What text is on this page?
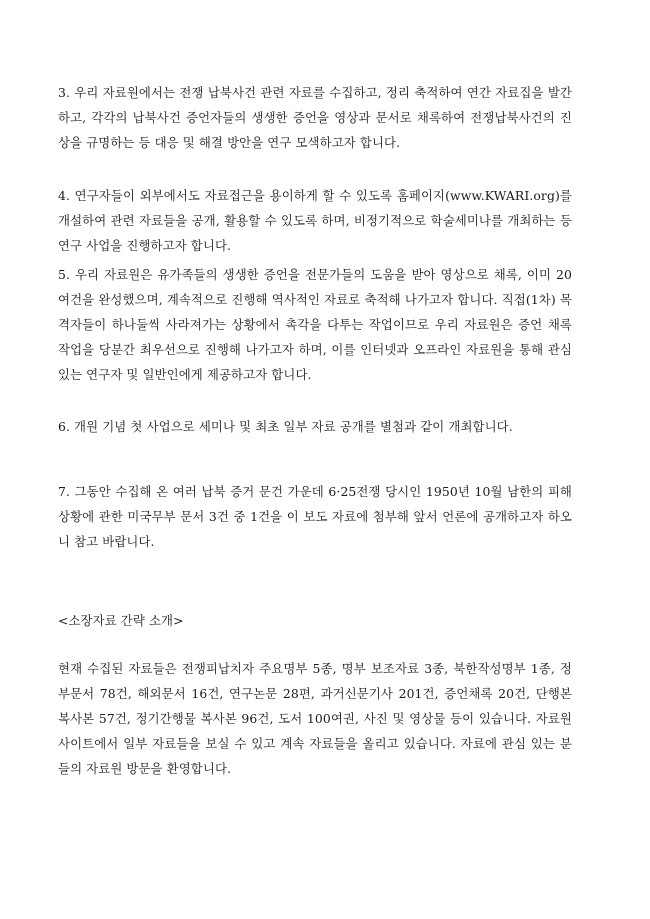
3. 우리 자료원에서는 전쟁 납북사건 관련 자료를 수집하고, 정리 축적하여 연간 자료집을 발간하고, 각각의 납북사건 증언자들의 생생한 증언을 영상과 문서로 채록하여 전쟁납북사건의 진상을 규명하는 등 대응 및 해결 방안을 연구 모색하고자 합니다.

4. 연구자들이 외부에서도 자료접근을 용이하게 할 수 있도록 홈페이지(www.KWARI.org)를 개설하여 관련 자료들을 공개, 활용할 수 있도록 하며, 비정기적으로 학술세미나를 개최하는 등 연구 사업을 진행하고자 합니다.

5. 우리 자료원은 유가족들의 생생한 증언을 전문가들의 도움을 받아 영상으로 채록, 이미 20여건을 완성했으며, 계속적으로 진행해 역사적인 자료로 축적해 나가고자 합니다. 직접(1차) 목격자들이 하나둘씩 사라져가는 상황에서 촉각을 다투는 작업이므로 우리 자료원은 증언 채록 작업을 당분간 최우선으로 진행해 나가고자 하며, 이를 인터넷과 오프라인 자료원을 통해 관심 있는 연구자 및 일반인에게 제공하고자 합니다.

6. 개원 기념 첫 사업으로 세미나 및 최초 일부 자료 공개를 별첨과 같이 개최합니다.

7. 그동안 수집해 온 여러 납북 증거 문건 가운데 6·25전쟁 당시인 1950년 10월 남한의 피해 상황에 관한 미국무부 문서 3건 중 1건을 이 보도 자료에 첨부해 앞서 언론에 공개하고자 하오니 참고 바랍니다.

<소장자료 간략 소개>

현재 수집된 자료들은 전쟁피납치자 주요명부 5종, 명부 보조자료 3종, 북한작성명부 1종, 정부문서 78건, 해외문서 16건, 연구논문 28편, 과거신문기사 201건, 증언채록 20건, 단행본 복사본 57건, 정기간행물 복사본 96건, 도서 100여권, 사진 및 영상물 등이 있습니다. 자료원 사이트에서 일부 자료들을 보실 수 있고 계속 자료들을 올리고 있습니다. 자료에 관심 있는 분들의 자료원 방문을 환영합니다.
